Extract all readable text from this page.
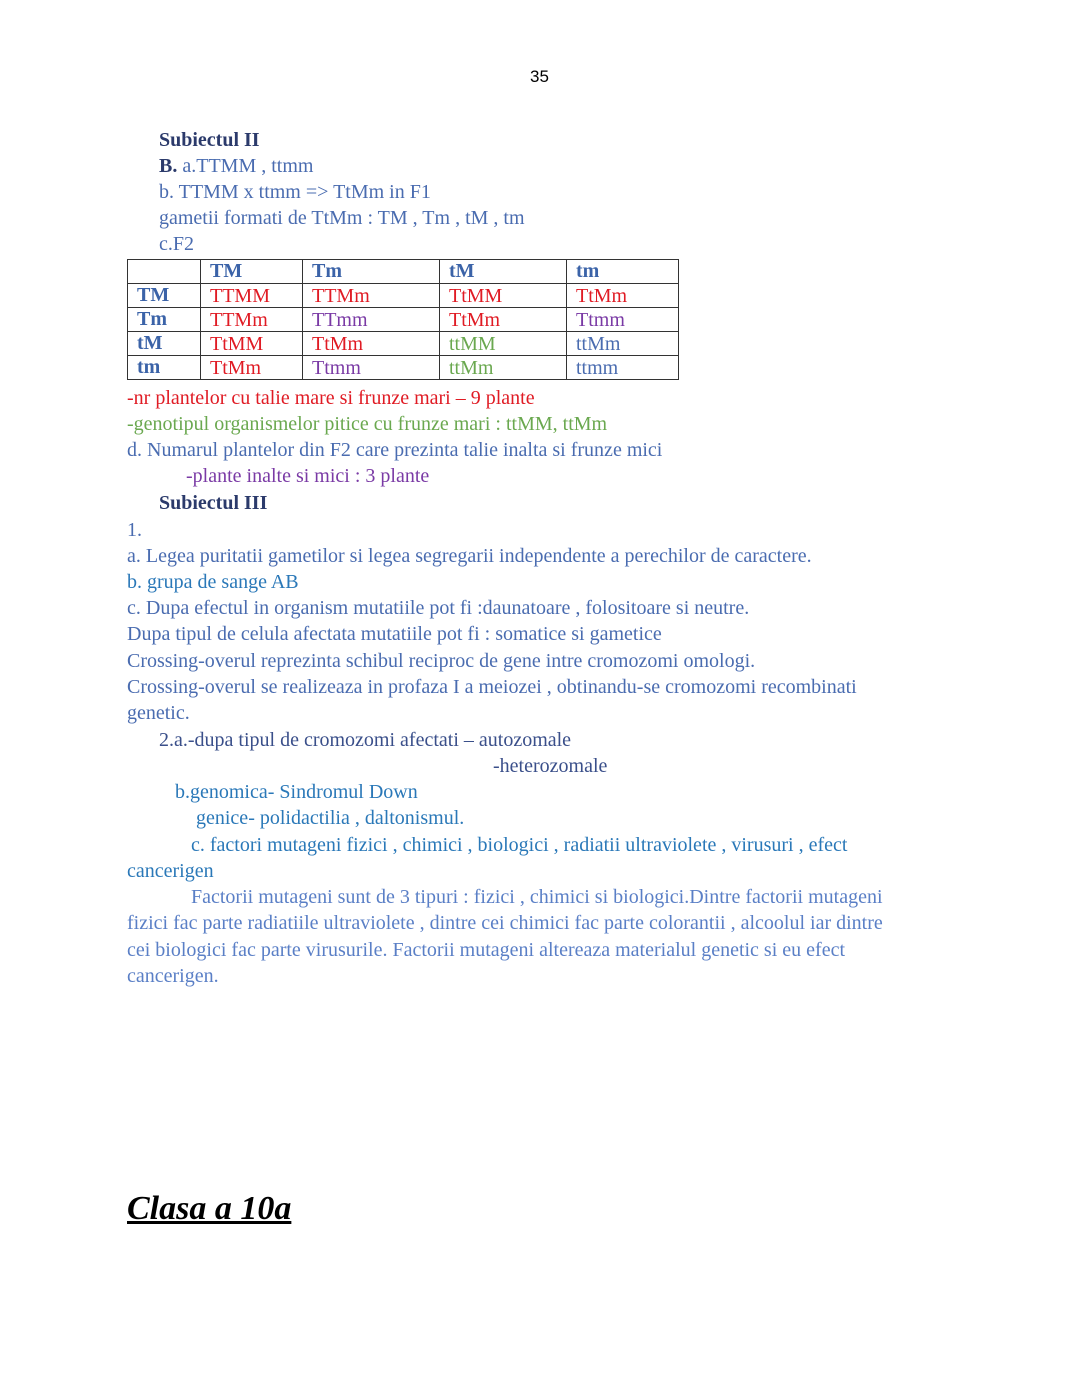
35
Subiectul II
B. a.TTMM , ttmm
b. TTMM x ttmm => TtMm in F1
gametii formati de TtMm : TM , Tm , tM , tm
c.F2
	TM	Tm	tM	tm
TM	TTMM	TTMm	TtMM	TtMm
Tm	TTMm	TTmm	TtMm	Ttmm
tM	TtMM	TtMm	ttMM	ttMm
tm	TtMm	Ttmm	ttMm	ttmm
-nr plantelor cu talie mare si frunze mari – 9 plante
-genotipul organismelor pitice cu frunze mari : ttMM, ttMm
d. Numarul plantelor din F2 care prezinta talie inalta si frunze mici
-plante inalte si mici : 3 plante
Subiectul III
1.
a. Legea puritatii gametilor si legea segregarii independente a perechilor de caractere.
b. grupa de sange AB
c. Dupa efectul in organism mutatiile pot fi :daunatoare , folositoare si neutre.
Dupa tipul de celula afectata mutatiile pot fi : somatice si gametice
Crossing-overul reprezinta schibul reciproc de gene intre cromozomi omologi.
Crossing-overul se realizeaza in profaza I a meiozei , obtinandu-se cromozomi recombinati
genetic.
2.a.-dupa tipul de cromozomi afectati – autozomale
-heterozomale
b.genomica- Sindromul Down
genice- polidactilia , daltonismul.
c. factori mutageni fizici , chimici , biologici , radiatii ultraviolete , virusuri , efect
cancerigen
Factorii mutageni sunt de 3 tipuri : fizici , chimici si biologici.Dintre factorii mutageni
fizici fac parte radiatiile ultraviolete , dintre cei chimici fac parte colorantii , alcoolul iar dintre
cei biologici fac parte virusurile. Factorii mutageni altereaza materialul genetic si eu efect
cancerigen.
Clasa a 10a
